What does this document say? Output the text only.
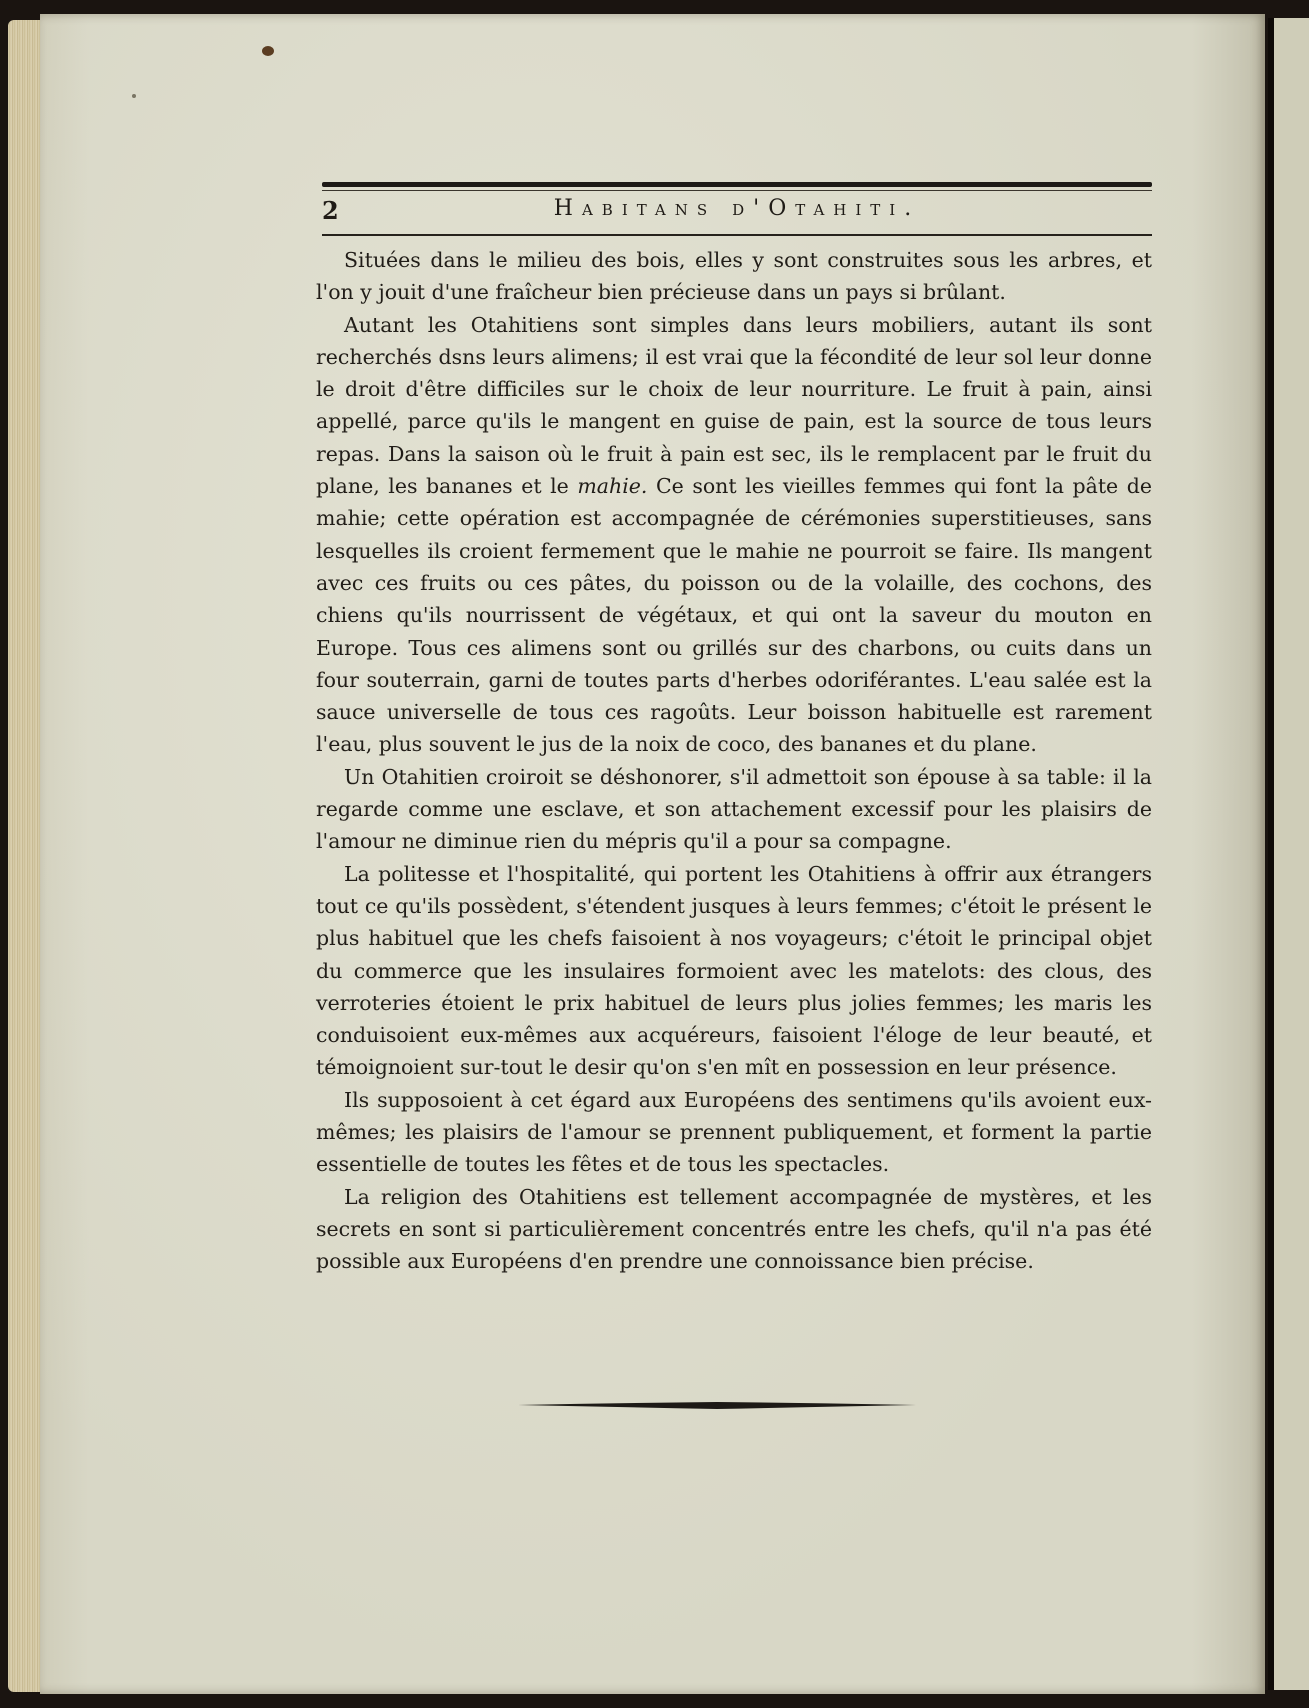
2	Habitans d'Otahiti.

Situées dans le milieu des bois, elles y sont construites sous les arbres, et l'on y jouit d'une fraîcheur bien précieuse dans un pays si brûlant.

Autant les Otahitiens sont simples dans leurs mobiliers, autant ils sont recherchés dsns leurs alimens; il est vrai que la fécondité de leur sol leur donne le droit d'être difficiles sur le choix de leur nourriture. Le fruit à pain, ainsi appellé, parce qu'ils le mangent en guise de pain, est la source de tous leurs repas. Dans la saison où le fruit à pain est sec, ils le remplacent par le fruit du plane, les bananes et le mahie. Ce sont les vieilles femmes qui font la pâte de mahie; cette opération est accompagnée de cérémonies superstitieuses, sans lesquelles ils croient fermement que le mahie ne pourroit se faire. Ils mangent avec ces fruits ou ces pâtes, du poisson ou de la volaille, des cochons, des chiens qu'ils nourrissent de végétaux, et qui ont la saveur du mouton en Europe. Tous ces alimens sont ou grillés sur des charbons, ou cuits dans un four souterrain, garni de toutes parts d'herbes odoriférantes. L'eau salée est la sauce universelle de tous ces ragoûts. Leur boisson habituelle est rarement l'eau, plus souvent le jus de la noix de coco, des bananes et du plane.

Un Otahitien croiroit se déshonorer, s'il admettoit son épouse à sa table: il la regarde comme une esclave, et son attachement excessif pour les plaisirs de l'amour ne diminue rien du mépris qu'il a pour sa compagne.

La politesse et l'hospitalité, qui portent les Otahitiens à offrir aux étrangers tout ce qu'ils possèdent, s'étendent jusques à leurs femmes; c'étoit le présent le plus habituel que les chefs faisoient à nos voyageurs; c'étoit le principal objet du commerce que les insulaires formoient avec les matelots: des clous, des verroteries étoient le prix habituel de leurs plus jolies femmes; les maris les conduisoient eux-mêmes aux acquéreurs, faisoient l'éloge de leur beauté, et témoignoient sur-tout le desir qu'on s'en mît en possession en leur présence.

Ils supposoient à cet égard aux Européens des sentimens qu'ils avoient eux-mêmes; les plaisirs de l'amour se prennent publiquement, et forment la partie essentielle de toutes les fêtes et de tous les spectacles.

La religion des Otahitiens est tellement accompagnée de mystères, et les secrets en sont si particulièrement concentrés entre les chefs, qu'il n'a pas été possible aux Européens d'en prendre une connoissance bien précise.
